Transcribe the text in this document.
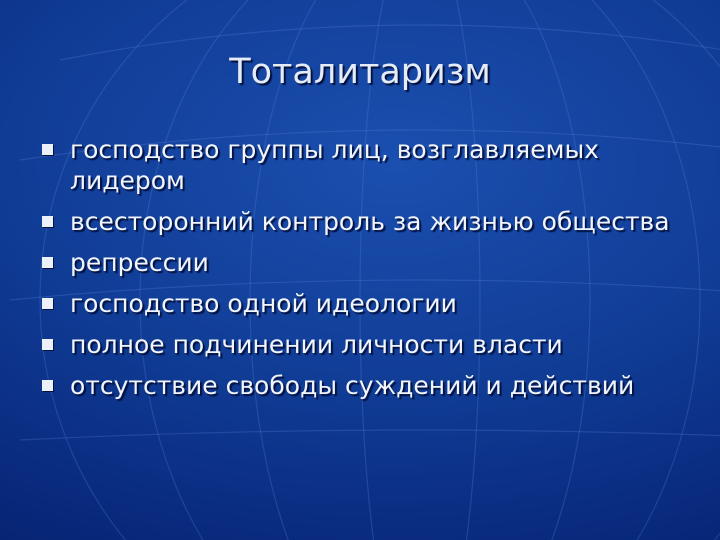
Тоталитаризм
господство группы лиц, возглавляемых лидером
всесторонний контроль за жизнью общества
репрессии
господство одной идеологии
полное подчинении личности власти
отсутствие свободы суждений и действий
